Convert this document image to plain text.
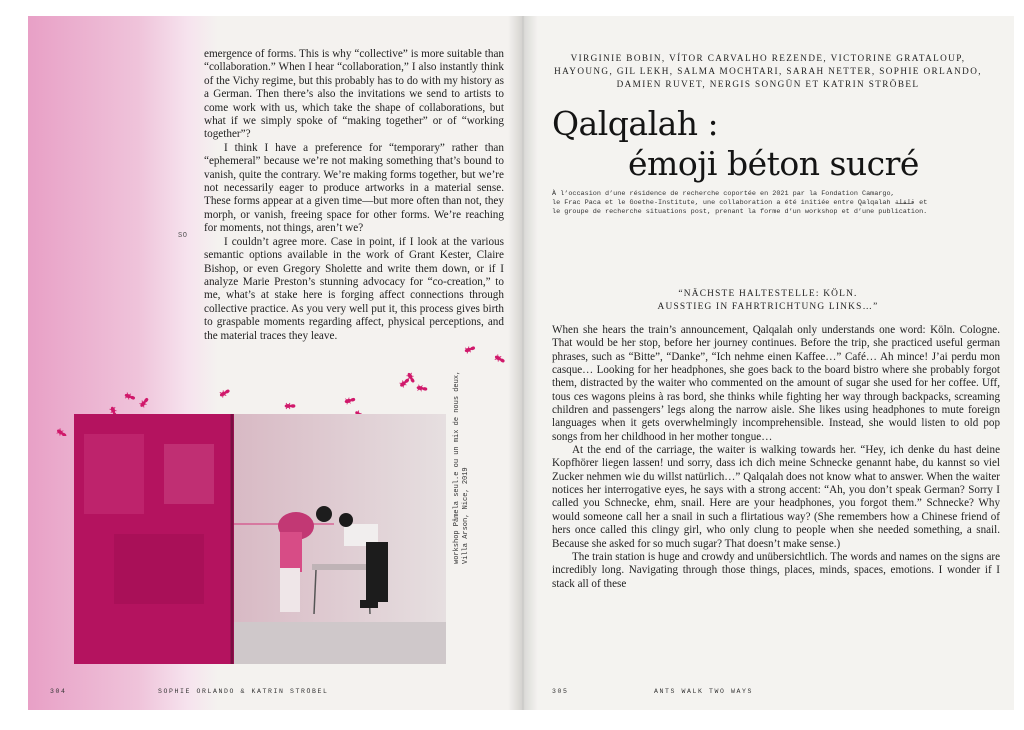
emergence of forms. This is why “collective” is more suitable than “collaboration.” When I hear “collaboration,” I also instantly think of the Vichy regime, but this probably has to do with my history as a German. Then there’s also the invitations we send to artists to come work with us, which take the shape of collaborations, but what if we simply spoke of “making together” or of “working together”?

I think I have a preference for “temporary” rather than “ephemeral” because we’re not making something that’s bound to vanish, quite the contrary. We’re making forms together, but we’re not necessarily eager to produce artworks in a material sense. These forms appear at a given time—but more often than not, they morph, or vanish, freeing space for other forms. We’re reaching for moments, not things, aren’t we?

I couldn’t agree more. Case in point, if I look at the various semantic options available in the work of Grant Kester, Claire Bishop, or even Gregory Sholette and write them down, or if I analyze Marie Preston’s stunning advocacy for “co-creation,” to me, what’s at stake here is forging affect connections through collective practice. As you very well put it, this process gives birth to graspable moments regarding affect, physical perceptions, and the material traces they leave.

SO
workshop Pâmela seul.e ou un mix de nous deux, Villa Arson, Nice, 2019
304	SOPHIE ORLANDO & KATRIN STRÖBEL
VIRGINIE BOBIN, VÍTOR CARVALHO REZENDE, VICTORINE GRATALOUP,
HAYOUNG, GIL LEKH, SALMA MOCHTARI, SARAH NETTER, SOPHIE ORLANDO,
DAMIEN RUVET, NERGIS SONGÜN ET KATRIN STRÖBEL
Qalqalah :
émoji béton sucré
À l’occasion d’une résidence de recherche coportée en 2021 par la Fondation Camargo,
le Frac Paca et le Goethe-Institute, une collaboration a été initiée entre Qalqalah قلقلة et
le groupe de recherche situations post, prenant la forme d’un workshop et d’une publication.
“NÄCHSTE HALTESTELLE: KÖLN.
AUSSTIEG IN FAHRTRICHTUNG LINKS…”

When she hears the train’s announcement, Qalqalah only understands one word: Köln. Cologne. That would be her stop, before her journey continues. Before the trip, she practiced useful german phrases, such as “Bitte”, “Danke”, “Ich nehme einen Kaffee…” Café… Ah mince! J’ai perdu mon casque… Looking for her headphones, she goes back to the board bistro where she probably forgot them, distracted by the waiter who commented on the amount of sugar she used for her coffee. Uff, tous ces wagons pleins à ras bord, she thinks while fighting her way through backpacks, screaming children and passengers’ legs along the narrow aisle. She likes using headphones to mute foreign languages when it gets overwhelmingly incomprehensible. Instead, she would listen to old pop songs from her childhood in her mother tongue…

At the end of the carriage, the waiter is walking towards her. “Hey, ich denke du hast deine Kopfhörer liegen lassen! und sorry, dass ich dich meine Schnecke genannt habe, du kannst so viel Zucker nehmen wie du willst natürlich…” Qalqalah does not know what to answer. When the waiter notices her interrogative eyes, he says with a strong accent: “Ah, you don’t speak German? Sorry I called you Schnecke, ehm, snail. Here are your headphones, you forgot them.” Schnecke? Why would someone call her a snail in such a flirtatious way? (She remembers how a Chinese friend of hers once called this clingy girl, who only clung to people when she needed something, a snail. Because she asked for so much sugar? That doesn’t make sense.)

The train station is huge and crowdy and unübersichtlich. The words and names on the signs are incredibly long. Navigating through those things, places, minds, spaces, emotions. I wonder if I stack all of these

305	ANTS WALK TWO WAYS
